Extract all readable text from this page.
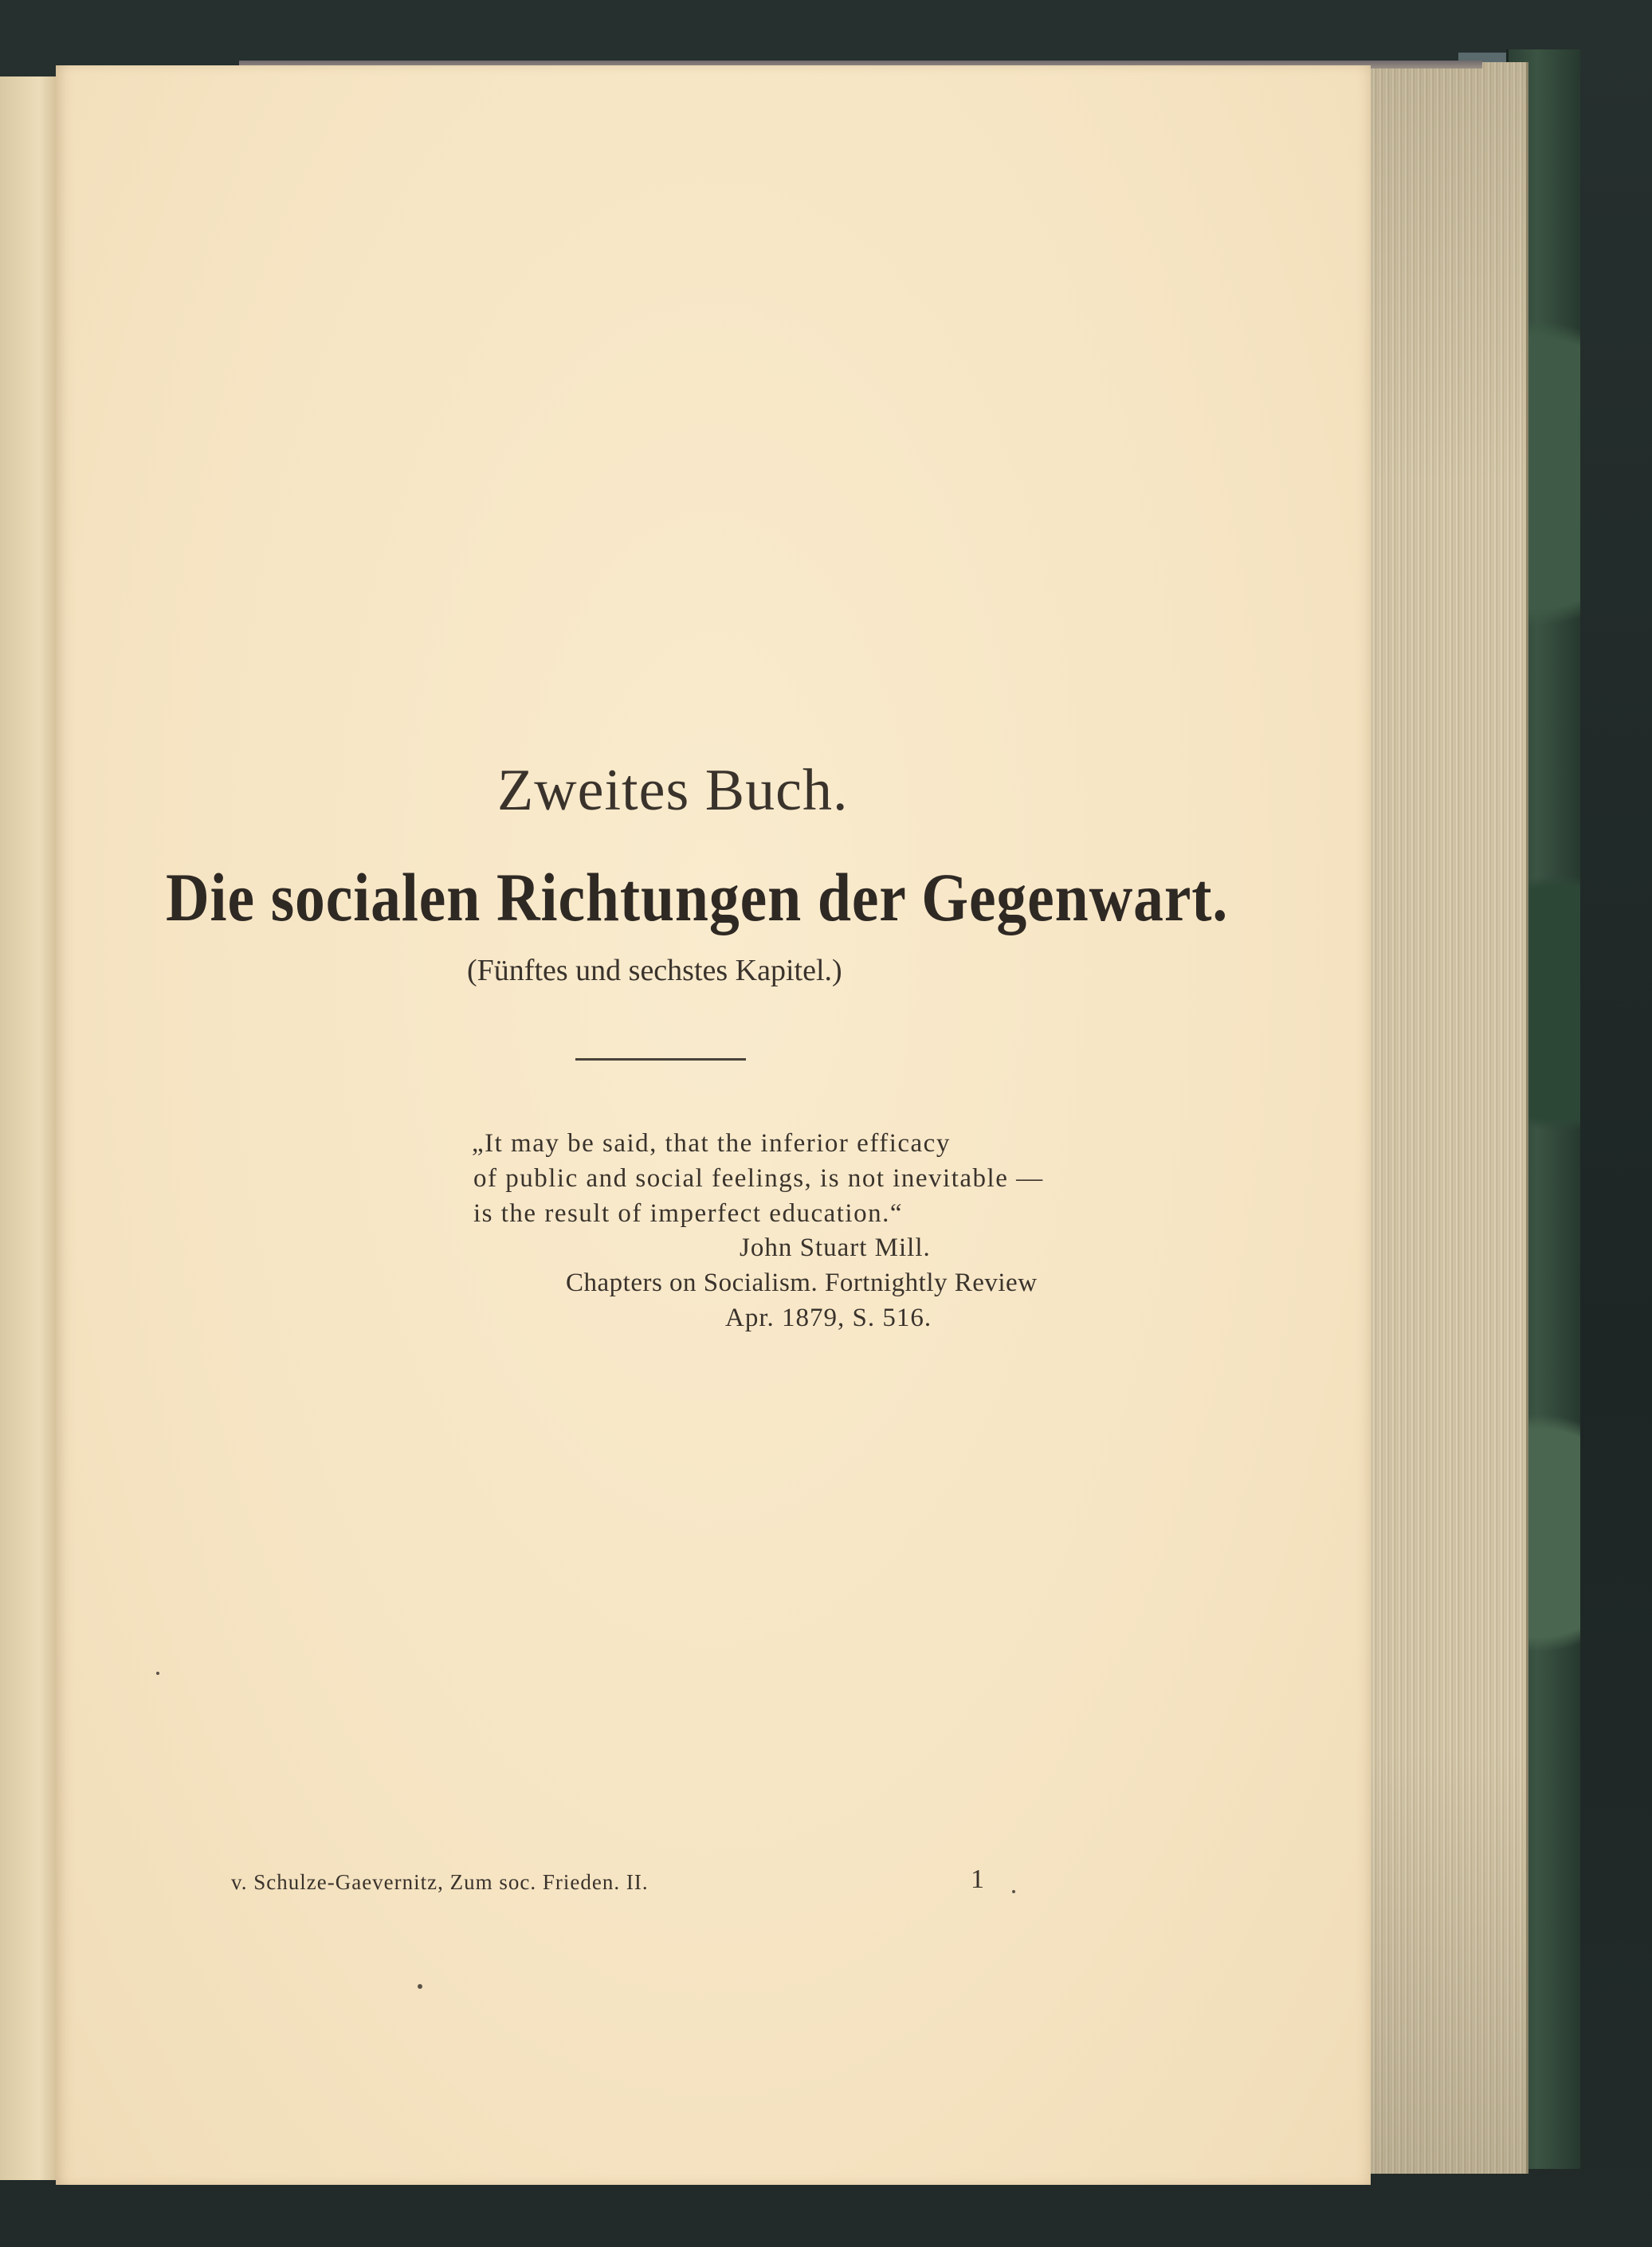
Zweites Buch.
Die socialen Richtungen der Gegenwart.
(Fünftes und sechstes Kapitel.)
„It may be said, that the inferior efficacy
of public and social feelings, is not inevitable —
is the result of imperfect education.“
John Stuart Mill.
Chapters on Socialism. Fortnightly Review
Apr. 1879, S. 516.
v. Schulze-Gaevernitz, Zum soc. Frieden. II.	1
